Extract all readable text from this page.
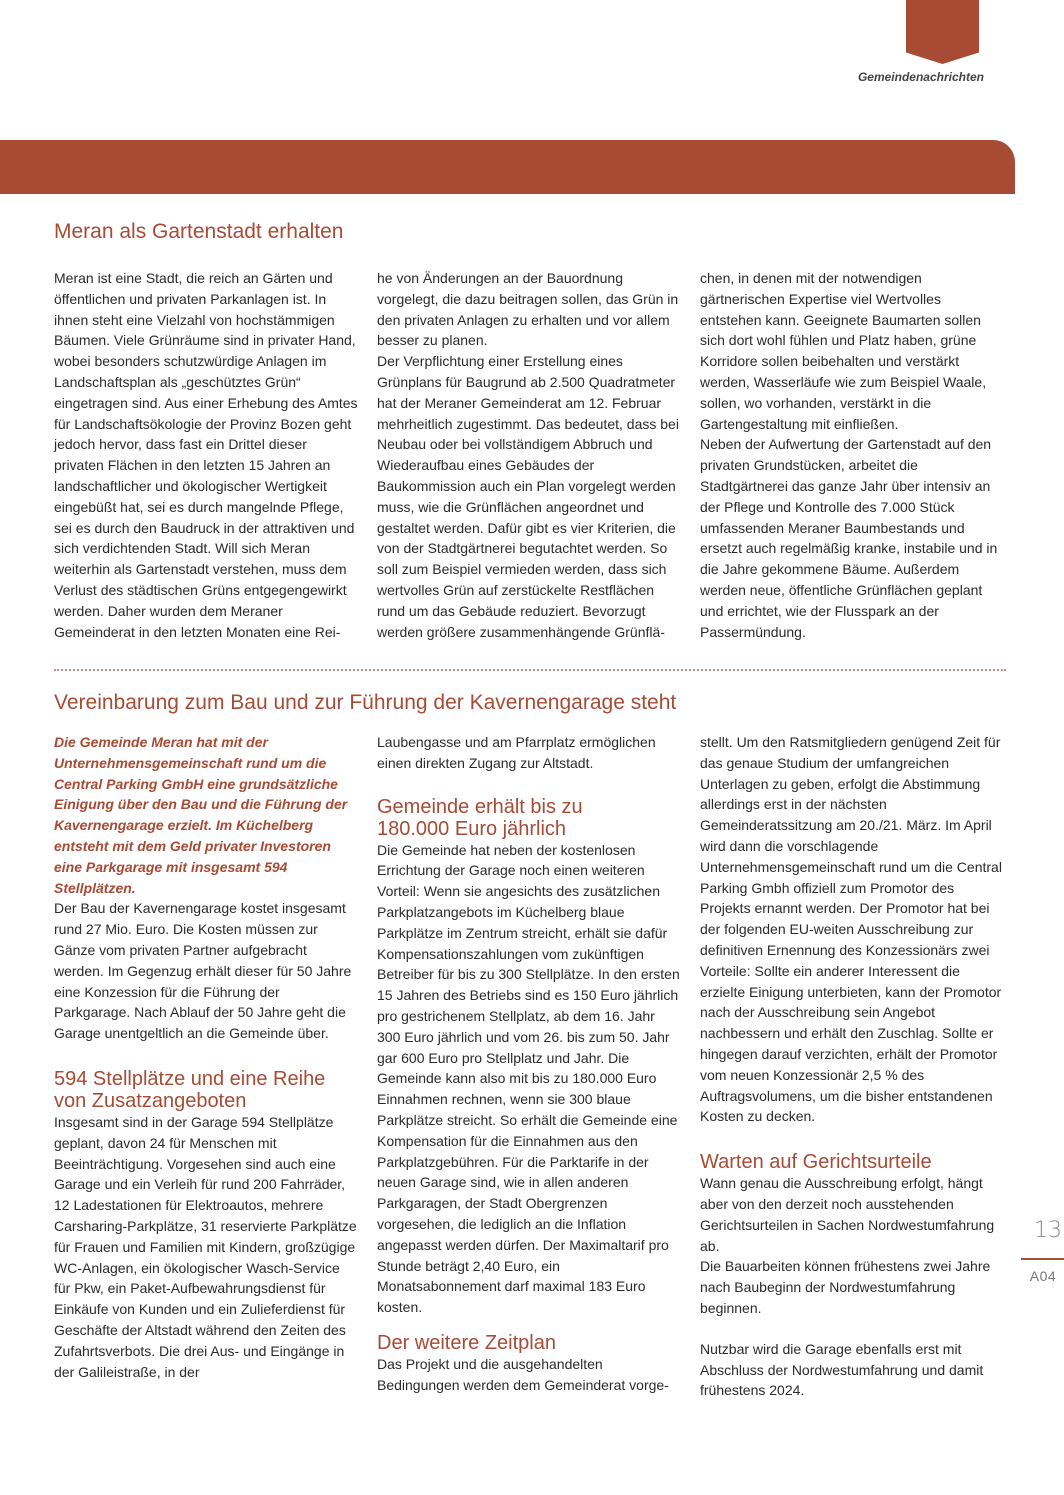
Gemeindenachrichten
Meran als Gartenstadt erhalten

Meran ist eine Stadt, die reich an Gärten und öffentlichen und privaten Parkanlagen ist. In ihnen steht eine Vielzahl von hochstämmigen Bäumen. Viele Grünräume sind in privater Hand, wobei besonders schutzwürdige Anlagen im Landschaftsplan als „geschütztes Grün“ eingetragen sind. Aus einer Erhebung des Amtes für Landschaftsökologie der Provinz Bozen geht jedoch hervor, dass fast ein Drittel dieser privaten Flächen in den letzten 15 Jahren an landschaftlicher und ökologischer Wertigkeit eingebüßt hat, sei es durch mangelnde Pflege, sei es durch den Baudruck in der attraktiven und sich verdichtenden Stadt. Will sich Meran weiterhin als Gartenstadt verstehen, muss dem Verlust des städtischen Grüns entgegengewirkt werden. Daher wurden dem Meraner Gemeinderat in den letzten Monaten eine Rei-

he von Änderungen an der Bauordnung vorgelegt, die dazu beitragen sollen, das Grün in den privaten Anlagen zu erhalten und vor allem besser zu planen.

Der Verpflichtung einer Erstellung eines Grünplans für Baugrund ab 2.500 Quadratmeter hat der Meraner Gemeinderat am 12. Februar mehrheitlich zugestimmt. Das bedeutet, dass bei Neubau oder bei vollständigem Abbruch und Wiederaufbau eines Gebäudes der Baukommission auch ein Plan vorgelegt werden muss, wie die Grünflächen angeordnet und gestaltet werden. Dafür gibt es vier Kriterien, die von der Stadtgärtnerei begutachtet werden. So soll zum Beispiel vermieden werden, dass sich wertvolles Grün auf zerstückelte Restflächen rund um das Gebäude reduziert. Bevorzugt werden größere zusammenhängende Grünflä-

chen, in denen mit der notwendigen gärtnerischen Expertise viel Wertvolles entstehen kann. Geeignete Baumarten sollen sich dort wohl fühlen und Platz haben, grüne Korridore sollen beibehalten und verstärkt werden, Wasserläufe wie zum Beispiel Waale, sollen, wo vorhanden, verstärkt in die Gartengestaltung mit einfließen.

Neben der Aufwertung der Gartenstadt auf den privaten Grundstücken, arbeitet die Stadtgärtnerei das ganze Jahr über intensiv an der Pflege und Kontrolle des 7.000 Stück umfassenden Meraner Baumbestands und ersetzt auch regelmäßig kranke, instabile und in die Jahre gekommene Bäume. Außerdem werden neue, öffentliche Grünflächen geplant und errichtet, wie der Flusspark an der Passermündung.

Vereinbarung zum Bau und zur Führung der Kavernengarage steht

Die Gemeinde Meran hat mit der Unternehmensgemeinschaft rund um die Central Parking GmbH eine grundsätzliche Einigung über den Bau und die Führung der Kavernengarage erzielt. Im Küchelberg entsteht mit dem Geld privater Investoren eine Parkgarage mit insgesamt 594 Stellplätzen.

Der Bau der Kavernengarage kostet insgesamt rund 27 Mio. Euro. Die Kosten müssen zur Gänze vom privaten Partner aufgebracht werden. Im Gegenzug erhält dieser für 50 Jahre eine Konzession für die Führung der Parkgarage. Nach Ablauf der 50 Jahre geht die Garage unentgeltlich an die Gemeinde über.

594 Stellplätze und eine Reihe von Zusatzangeboten

Insgesamt sind in der Garage 594 Stellplätze geplant, davon 24 für Menschen mit Beeinträchtigung. Vorgesehen sind auch eine Garage und ein Verleih für rund 200 Fahrräder, 12 Ladestationen für Elektroautos, mehrere Carsharing-Parkplätze, 31 reservierte Parkplätze für Frauen und Familien mit Kindern, großzügige WC-Anlagen, ein ökologischer Wasch-Service für Pkw, ein Paket-Aufbewahrungsdienst für Einkäufe von Kunden und ein Zulieferdienst für Geschäfte der Altstadt während den Zeiten des Zufahrtsverbots. Die drei Aus- und Eingänge in der Galileistraße, in der

Laubengasse und am Pfarrplatz ermöglichen einen direkten Zugang zur Altstadt.

Gemeinde erhält bis zu 180.000 Euro jährlich

Die Gemeinde hat neben der kostenlosen Errichtung der Garage noch einen weiteren Vorteil: Wenn sie angesichts des zusätzlichen Parkplatzangebots im Küchelberg blaue Parkplätze im Zentrum streicht, erhält sie dafür Kompensationszahlungen vom zukünftigen Betreiber für bis zu 300 Stellplätze. In den ersten 15 Jahren des Betriebs sind es 150 Euro jährlich pro gestrichenem Stellplatz, ab dem 16. Jahr 300 Euro jährlich und vom 26. bis zum 50. Jahr gar 600 Euro pro Stellplatz und Jahr. Die Gemeinde kann also mit bis zu 180.000 Euro Einnahmen rechnen, wenn sie 300 blaue Parkplätze streicht. So erhält die Gemeinde eine Kompensation für die Einnahmen aus den Parkplatzgebühren. Für die Parktarife in der neuen Garage sind, wie in allen anderen Parkgaragen, der Stadt Obergrenzen vorgesehen, die lediglich an die Inflation angepasst werden dürfen. Der Maximaltarif pro Stunde beträgt 2,40 Euro, ein Monatsabonnement darf maximal 183 Euro kosten.

Der weitere Zeitplan

Das Projekt und die ausgehandelten Bedingungen werden dem Gemeinderat vorge-

stellt. Um den Ratsmitgliedern genügend Zeit für das genaue Studium der umfangreichen Unterlagen zu geben, erfolgt die Abstimmung allerdings erst in der nächsten Gemeinderatssitzung am 20./21. März. Im April wird dann die vorschlagende Unternehmensgemeinschaft rund um die Central Parking Gmbh offiziell zum Promotor des Projekts ernannt werden. Der Promotor hat bei der folgenden EU-weiten Ausschreibung zur definitiven Ernennung des Konzessionärs zwei Vorteile: Sollte ein anderer Interessent die erzielte Einigung unterbieten, kann der Promotor nach der Ausschreibung sein Angebot nachbessern und erhält den Zuschlag. Sollte er hingegen darauf verzichten, erhält der Promotor vom neuen Konzessionär 2,5 % des Auftragsvolumens, um die bisher entstandenen Kosten zu decken.

Warten auf Gerichtsurteile

Wann genau die Ausschreibung erfolgt, hängt aber von den derzeit noch ausstehenden Gerichtsurteilen in Sachen Nordwestumfahrung ab.

Die Bauarbeiten können frühestens zwei Jahre nach Baubeginn der Nordwestumfahrung beginnen.

Nutzbar wird die Garage ebenfalls erst mit Abschluss der Nordwestumfahrung und damit frühestens 2024.

13
A04
